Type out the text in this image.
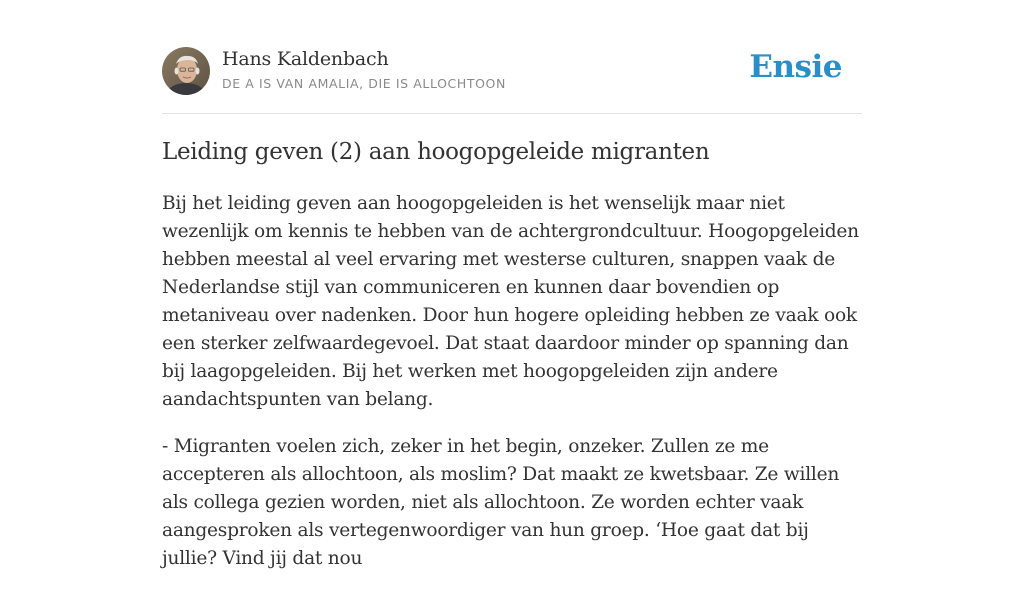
Hans Kaldenbach
DE A IS VAN AMALIA, DIE IS ALLOCHTOON	Ensie
Leiding geven (2) aan hoogopgeleide migranten

Bij het leiding geven aan hoogopgeleiden is het wenselijk maar niet wezenlijk om kennis te hebben van de achtergrondcultuur. Hoogopgeleiden hebben meestal al veel ervaring met westerse culturen, snappen vaak de Nederlandse stijl van communiceren en kunnen daar bovendien op metaniveau over nadenken. Door hun hogere opleiding hebben ze vaak ook een sterker zelfwaardegevoel. Dat staat daardoor minder op spanning dan bij laagopgeleiden. Bij het werken met hoogopgeleiden zijn andere aandachtspunten van belang.

- Migranten voelen zich, zeker in het begin, onzeker. Zullen ze me accepteren als allochtoon, als moslim? Dat maakt ze kwetsbaar. Ze willen als collega gezien worden, niet als allochtoon. Ze worden echter vaak aangesproken als vertegenwoordiger van hun groep. ‘Hoe gaat dat bij jullie? Vind jij dat nou
